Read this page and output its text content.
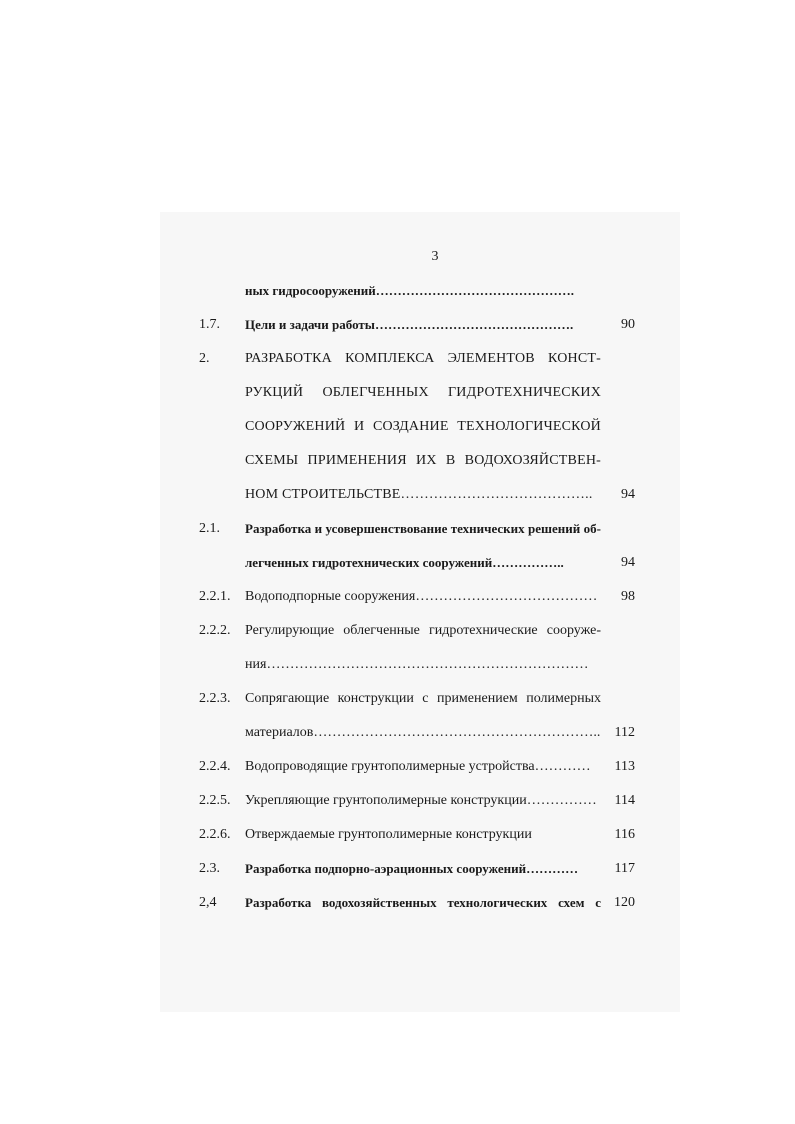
3
ных гидросооружений……………………………………….
1.7. Цели и задачи работы……………………………………….	90
2.	РАЗРАБОТКА КОМПЛЕКСА ЭЛЕМЕНТОВ КОНСТ-
РУКЦИЙ ОБЛЕГЧЕННЫХ ГИДРОТЕХНИЧЕСКИХ
СООРУЖЕНИЙ И СОЗДАНИЕ ТЕХНОЛОГИЧЕСКОЙ
СХЕМЫ ПРИМЕНЕНИЯ ИХ В ВОДОХОЗЯЙСТВЕН-
НОМ СТРОИТЕЛЬСТВЕ…………………………………..	94
2.1. Разработка и усовершенствование технических решений об-
легченных гидротехнических сооружений……………..	94
2.2.1. Водоподпорные сооружения…………………………………	98
2.2.2. Регулирующие облегченные гидротехнические сооруже-
ния……………………………………………………………
2.2.3. Сопрягающие конструкции с применением полимерных
материалов……………………………………………………..	112
2.2.4. Водопроводящие грунтополимерные устройства…………	113
2.2.5. Укрепляющие грунтополимерные конструкции……………	114
2.2.6. Отверждаемые грунтополимерные конструкции	116
2.3. Разработка подпорно-аэрационных сооружений…………	117
2,4 Разработка водохозяйственных технологических схем с 120
